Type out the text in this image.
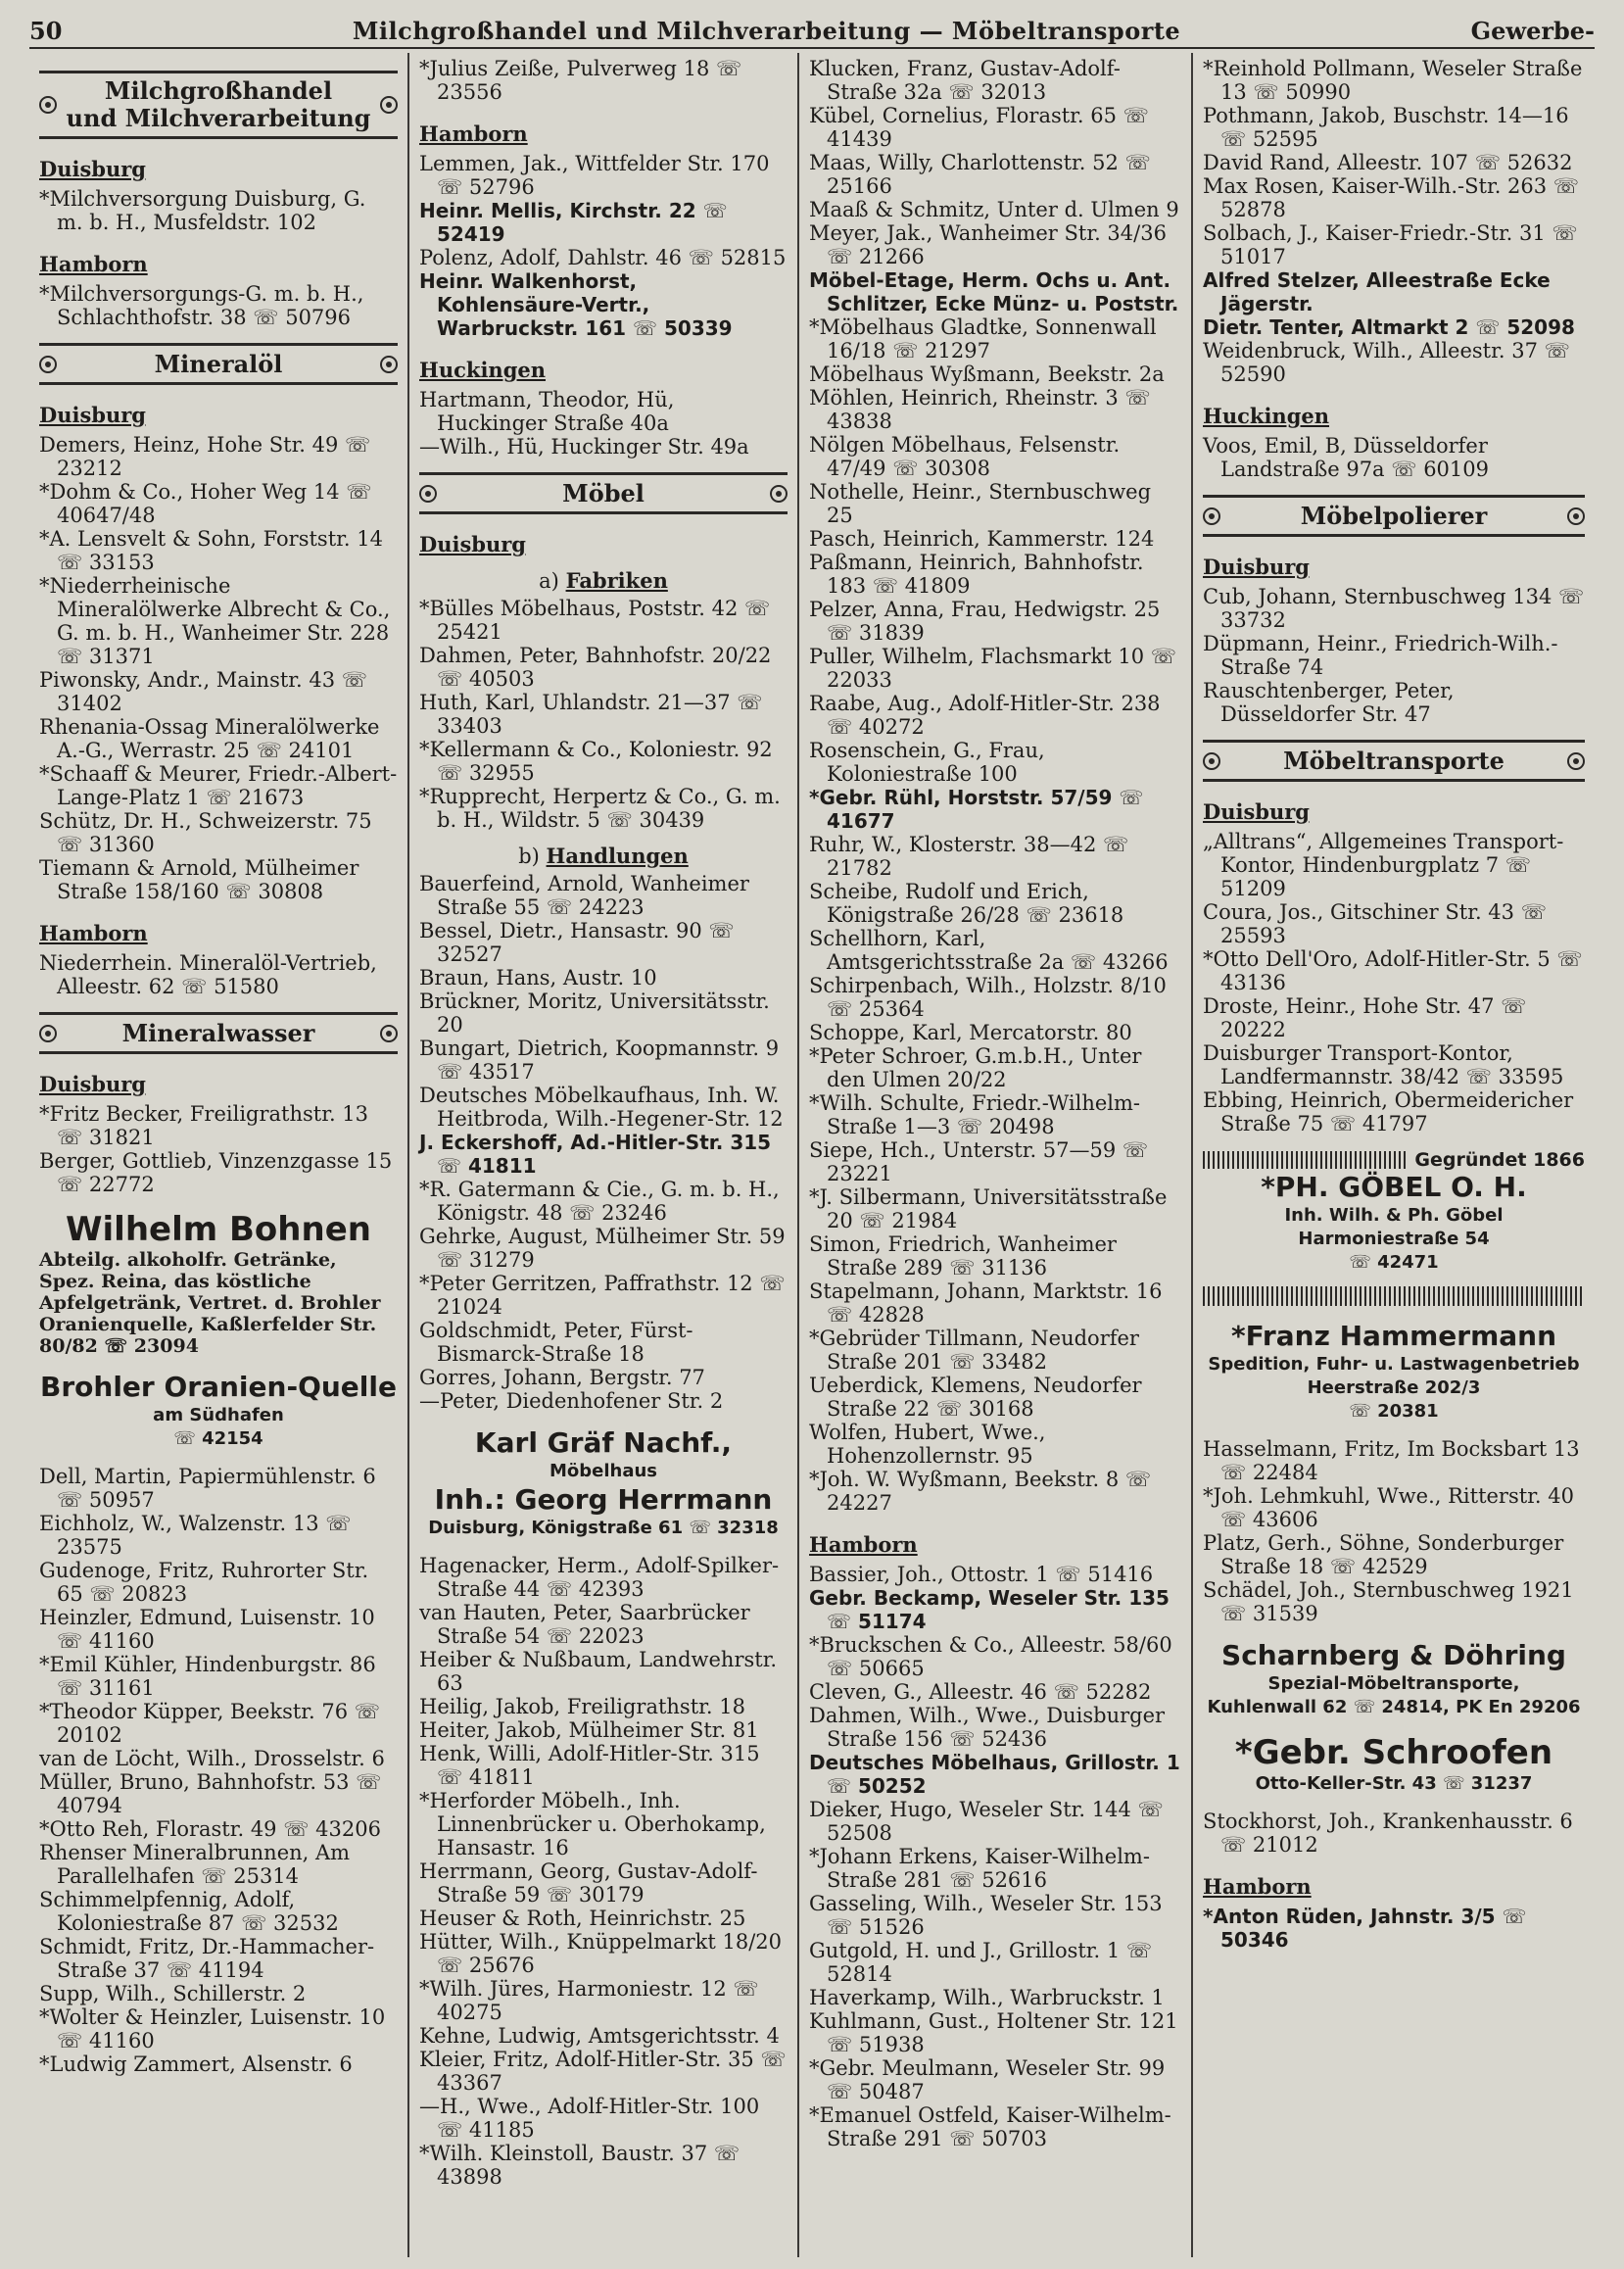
50	Milchgroßhandel und Milchverarbeitung — Möbeltransporte	Gewerbe-
Milchgroßhandel
und Milchverarbeitung
Duisburg

*Milchversorgung Duisburg, G. m. b. H., Musfeldstr. 102

Hamborn

*Milchversorgungs-G. m. b. H., Schlachthofstr. 38 ☏ 50796

Mineralöl
Duisburg

Demers, Heinz, Hohe Str. 49 ☏ 23212

*Dohm & Co., Hoher Weg 14 ☏ 40647/48

*A. Lensvelt & Sohn, Forststr. 14 ☏ 33153

*Niederrheinische Mineralölwerke Albrecht & Co., G. m. b. H., Wanheimer Str. 228 ☏ 31371

Piwonsky, Andr., Mainstr. 43 ☏ 31402

Rhenania-Ossag Mineralölwerke A.-G., Werrastr. 25 ☏ 24101

*Schaaff & Meurer, Friedr.-Albert-Lange-Platz 1 ☏ 21673

Schütz, Dr. H., Schweizerstr. 75 ☏ 31360

Tiemann & Arnold, Mülheimer Straße 158/160 ☏ 30808

Hamborn

Niederrhein. Mineralöl-Vertrieb, Alleestr. 62 ☏ 51580

Mineralwasser
Duisburg

*Fritz Becker, Freiligrathstr. 13 ☏ 31821

Berger, Gottlieb, Vinzenzgasse 15 ☏ 22772

Wilhelm Bohnen
Abteilg. alkoholfr. Getränke, Spez. Reina, das köstliche Apfelgetränk, Vertret. d. Brohler Oranienquelle, Kaßlerfelder Str. 80/82 ☏ 23094
Brohler Oranien-Quelle
am Südhafen
☏ 42154

Dell, Martin, Papiermühlenstr. 6 ☏ 50957

Eichholz, W., Walzenstr. 13 ☏ 23575

Gudenoge, Fritz, Ruhrorter Str. 65 ☏ 20823

Heinzler, Edmund, Luisenstr. 10 ☏ 41160

*Emil Kühler, Hindenburgstr. 86 ☏ 31161

*Theodor Küpper, Beekstr. 76 ☏ 20102

van de Löcht, Wilh., Drosselstr. 6

Müller, Bruno, Bahnhofstr. 53 ☏ 40794

*Otto Reh, Florastr. 49 ☏ 43206

Rhenser Mineralbrunnen, Am Parallelhafen ☏ 25314

Schimmelpfennig, Adolf, Koloniestraße 87 ☏ 32532

Schmidt, Fritz, Dr.-Hammacher-Straße 37 ☏ 41194

Supp, Wilh., Schillerstr. 2

*Wolter & Heinzler, Luisenstr. 10 ☏ 41160

*Ludwig Zammert, Alsenstr. 6

*Julius Zeiße, Pulverweg 18 ☏ 23556

Hamborn

Lemmen, Jak., Wittfelder Str. 170 ☏ 52796

Heinr. Mellis, Kirchstr. 22 ☏ 52419

Polenz, Adolf, Dahlstr. 46 ☏ 52815

Heinr. Walkenhorst, Kohlensäure-Vertr., Warbruckstr. 161 ☏ 50339

Huckingen

Hartmann, Theodor, Hü, Huckinger Straße 40a

—Wilh., Hü, Huckinger Str. 49a

Möbel
Duisburg
a) Fabriken

*Bülles Möbelhaus, Poststr. 42 ☏ 25421

Dahmen, Peter, Bahnhofstr. 20/22 ☏ 40503

Huth, Karl, Uhlandstr. 21—37 ☏ 33403

*Kellermann & Co., Koloniestr. 92 ☏ 32955

*Rupprecht, Herpertz & Co., G. m. b. H., Wildstr. 5 ☏ 30439

b) Handlungen

Bauerfeind, Arnold, Wanheimer Straße 55 ☏ 24223

Bessel, Dietr., Hansastr. 90 ☏ 32527

Braun, Hans, Austr. 10

Brückner, Moritz, Universitätsstr. 20

Bungart, Dietrich, Koopmannstr. 9 ☏ 43517

Deutsches Möbelkaufhaus, Inh. W. Heitbroda, Wilh.-Hegener-Str. 12

J. Eckershoff, Ad.-Hitler-Str. 315 ☏ 41811

*R. Gatermann & Cie., G. m. b. H., Königstr. 48 ☏ 23246

Gehrke, August, Mülheimer Str. 59 ☏ 31279

*Peter Gerritzen, Paffrathstr. 12 ☏ 21024

Goldschmidt, Peter, Fürst-Bismarck-Straße 18

Gorres, Johann, Bergstr. 77

—Peter, Diedenhofener Str. 2

Karl Gräf Nachf., Möbelhaus
Inh.: Georg Herrmann
Duisburg, Königstraße 61 ☏ 32318

Hagenacker, Herm., Adolf-Spilker-Straße 44 ☏ 42393

van Hauten, Peter, Saarbrücker Straße 54 ☏ 22023

Heiber & Nußbaum, Landwehrstr. 63

Heilig, Jakob, Freiligrathstr. 18

Heiter, Jakob, Mülheimer Str. 81

Henk, Willi, Adolf-Hitler-Str. 315 ☏ 41811

*Herforder Möbelh., Inh. Linnenbrücker u. Oberhokamp, Hansastr. 16

Herrmann, Georg, Gustav-Adolf-Straße 59 ☏ 30179

Heuser & Roth, Heinrichstr. 25

Hütter, Wilh., Knüppelmarkt 18/20 ☏ 25676

*Wilh. Jüres, Harmoniestr. 12 ☏ 40275

Kehne, Ludwig, Amtsgerichtsstr. 4

Kleier, Fritz, Adolf-Hitler-Str. 35 ☏ 43367

—H., Wwe., Adolf-Hitler-Str. 100 ☏ 41185

*Wilh. Kleinstoll, Baustr. 37 ☏ 43898

Klucken, Franz, Gustav-Adolf-Straße 32a ☏ 32013

Kübel, Cornelius, Florastr. 65 ☏ 41439

Maas, Willy, Charlottenstr. 52 ☏ 25166

Maaß & Schmitz, Unter d. Ulmen 9

Meyer, Jak., Wanheimer Str. 34/36 ☏ 21266

Möbel-Etage, Herm. Ochs u. Ant. Schlitzer, Ecke Münz- u. Poststr.

*Möbelhaus Gladtke, Sonnenwall 16/18 ☏ 21297

Möbelhaus Wyßmann, Beekstr. 2a

Möhlen, Heinrich, Rheinstr. 3 ☏ 43838

Nölgen Möbelhaus, Felsenstr. 47/49 ☏ 30308

Nothelle, Heinr., Sternbuschweg 25

Pasch, Heinrich, Kammerstr. 124

Paßmann, Heinrich, Bahnhofstr. 183 ☏ 41809

Pelzer, Anna, Frau, Hedwigstr. 25 ☏ 31839

Puller, Wilhelm, Flachsmarkt 10 ☏ 22033

Raabe, Aug., Adolf-Hitler-Str. 238 ☏ 40272

Rosenschein, G., Frau, Koloniestraße 100

*Gebr. Rühl, Horststr. 57/59 ☏ 41677

Ruhr, W., Klosterstr. 38—42 ☏ 21782

Scheibe, Rudolf und Erich, Königstraße 26/28 ☏ 23618

Schellhorn, Karl, Amtsgerichtsstraße 2a ☏ 43266

Schirpenbach, Wilh., Holzstr. 8/10 ☏ 25364

Schoppe, Karl, Mercatorstr. 80

*Peter Schroer, G.m.b.H., Unter den Ulmen 20/22

*Wilh. Schulte, Friedr.-Wilhelm-Straße 1—3 ☏ 20498

Siepe, Hch., Unterstr. 57—59 ☏ 23221

*J. Silbermann, Universitätsstraße 20 ☏ 21984

Simon, Friedrich, Wanheimer Straße 289 ☏ 31136

Stapelmann, Johann, Marktstr. 16 ☏ 42828

*Gebrüder Tillmann, Neudorfer Straße 201 ☏ 33482

Ueberdick, Klemens, Neudorfer Straße 22 ☏ 30168

Wolfen, Hubert, Wwe., Hohenzollernstr. 95

*Joh. W. Wyßmann, Beekstr. 8 ☏ 24227

Hamborn

Bassier, Joh., Ottostr. 1 ☏ 51416

Gebr. Beckamp, Weseler Str. 135 ☏ 51174

*Bruckschen & Co., Alleestr. 58/60 ☏ 50665

Cleven, G., Alleestr. 46 ☏ 52282

Dahmen, Wilh., Wwe., Duisburger Straße 156 ☏ 52436

Deutsches Möbelhaus, Grillostr. 1 ☏ 50252

Dieker, Hugo, Weseler Str. 144 ☏ 52508

*Johann Erkens, Kaiser-Wilhelm-Straße 281 ☏ 52616

Gasseling, Wilh., Weseler Str. 153 ☏ 51526

Gutgold, H. und J., Grillostr. 1 ☏ 52814

Haverkamp, Wilh., Warbruckstr. 1

Kuhlmann, Gust., Holtener Str. 121 ☏ 51938

*Gebr. Meulmann, Weseler Str. 99 ☏ 50487

*Emanuel Ostfeld, Kaiser-Wilhelm-Straße 291 ☏ 50703

*Reinhold Pollmann, Weseler Straße 13 ☏ 50990

Pothmann, Jakob, Buschstr. 14—16 ☏ 52595

David Rand, Alleestr. 107 ☏ 52632

Max Rosen, Kaiser-Wilh.-Str. 263 ☏ 52878

Solbach, J., Kaiser-Friedr.-Str. 31 ☏ 51017

Alfred Stelzer, Alleestraße Ecke Jägerstr.

Dietr. Tenter, Altmarkt 2 ☏ 52098

Weidenbruck, Wilh., Alleestr. 37 ☏ 52590

Huckingen

Voos, Emil, B, Düsseldorfer Landstraße 97a ☏ 60109

Möbelpolierer
Duisburg

Cub, Johann, Sternbuschweg 134 ☏ 33732

Düpmann, Heinr., Friedrich-Wilh.-Straße 74

Rauschtenberger, Peter, Düsseldorfer Str. 47

Möbeltransporte
Duisburg

„Alltrans“, Allgemeines Transport-Kontor, Hindenburgplatz 7 ☏ 51209

Coura, Jos., Gitschiner Str. 43 ☏ 25593

*Otto Dell'Oro, Adolf-Hitler-Str. 5 ☏ 43136

Droste, Heinr., Hohe Str. 47 ☏ 20222

Duisburger Transport-Kontor, Landfermannstr. 38/42 ☏ 33595

Ebbing, Heinrich, Obermeidericher Straße 75 ☏ 41797

Gegründet 1866
*PH. GÖBEL O. H.
Inh. Wilh. & Ph. Göbel
Harmoniestraße 54
☏ 42471
*Franz Hammermann
Spedition, Fuhr- u. Lastwagenbetrieb
Heerstraße 202/3
☏ 20381

Hasselmann, Fritz, Im Bocksbart 13 ☏ 22484

*Joh. Lehmkuhl, Wwe., Ritterstr. 40 ☏ 43606

Platz, Gerh., Söhne, Sonderburger Straße 18 ☏ 42529

Schädel, Joh., Sternbuschweg 1921 ☏ 31539

Scharnberg & Döhring
Spezial-Möbeltransporte,
Kuhlenwall 62 ☏ 24814, PK En 29206
*Gebr. Schroofen
Otto-Keller-Str. 43 ☏ 31237

Stockhorst, Joh., Krankenhausstr. 6 ☏ 21012

Hamborn

*Anton Rüden, Jahnstr. 3/5 ☏ 50346
